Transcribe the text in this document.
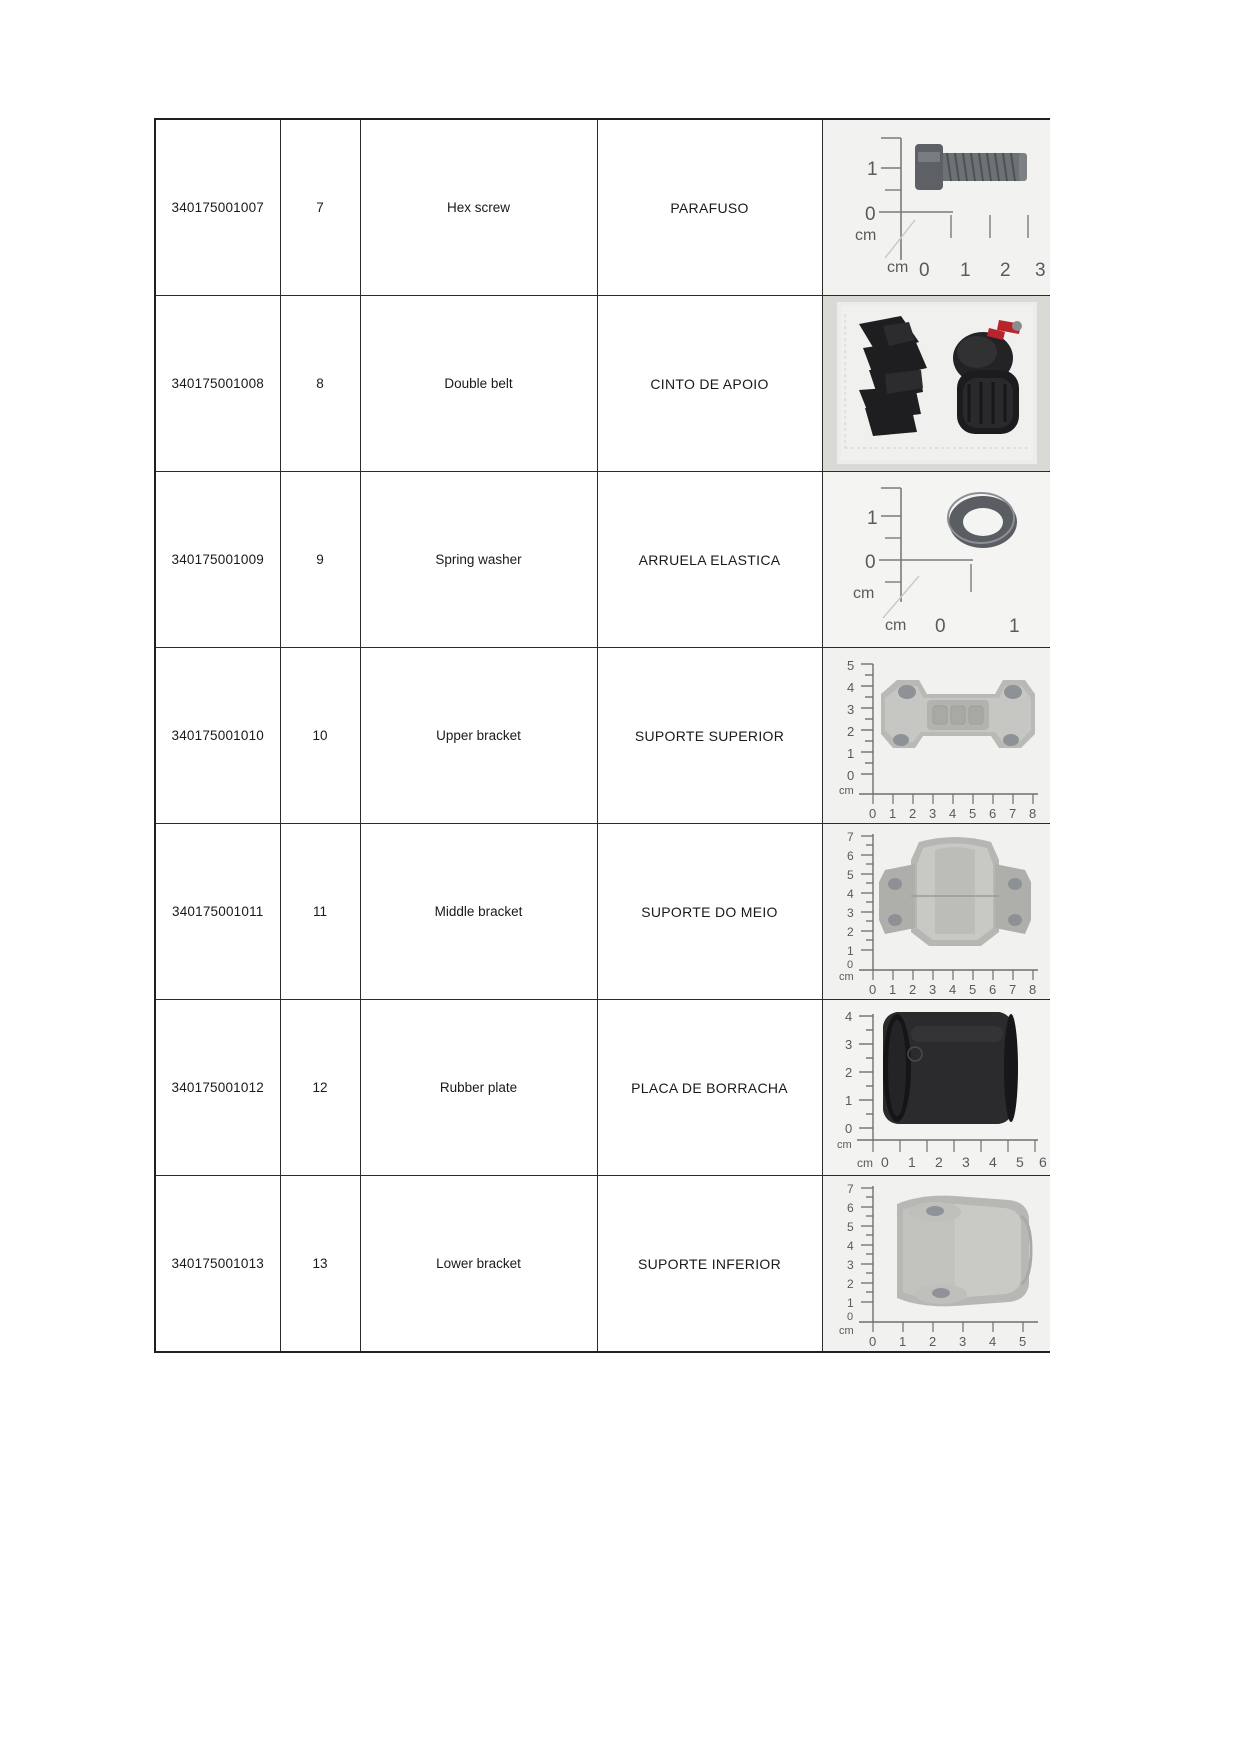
340175001007	7	Hex screw	PARAFUSO	
1
0
cm
cm 0 1 2 3

340175001008	8	Double belt	CINTO DE APOIO	

340175001009	9	Spring washer	ARRUELA ELASTICA	
1
0
cm
cm 0	1

340175001010	10	Upper bracket	SUPORTE SUPERIOR	
5
4
3
2
1
0
cm
0 1 2 3 4 5 6 7 8

340175001011	11	Middle bracket	SUPORTE DO MEIO	
7
6
5
4
3
2
1
0
cm
0 1 2 3 4 5 6 7 8

340175001012	12	Rubber plate	PLACA DE BORRACHA	
4
3
2
1
0
cm
cm 0 1 2 3 4 5 6

340175001013	13	Lower bracket	SUPORTE INFERIOR	
7
6
5
4
3
2
1
0
cm
0 1 2 3 4 5
